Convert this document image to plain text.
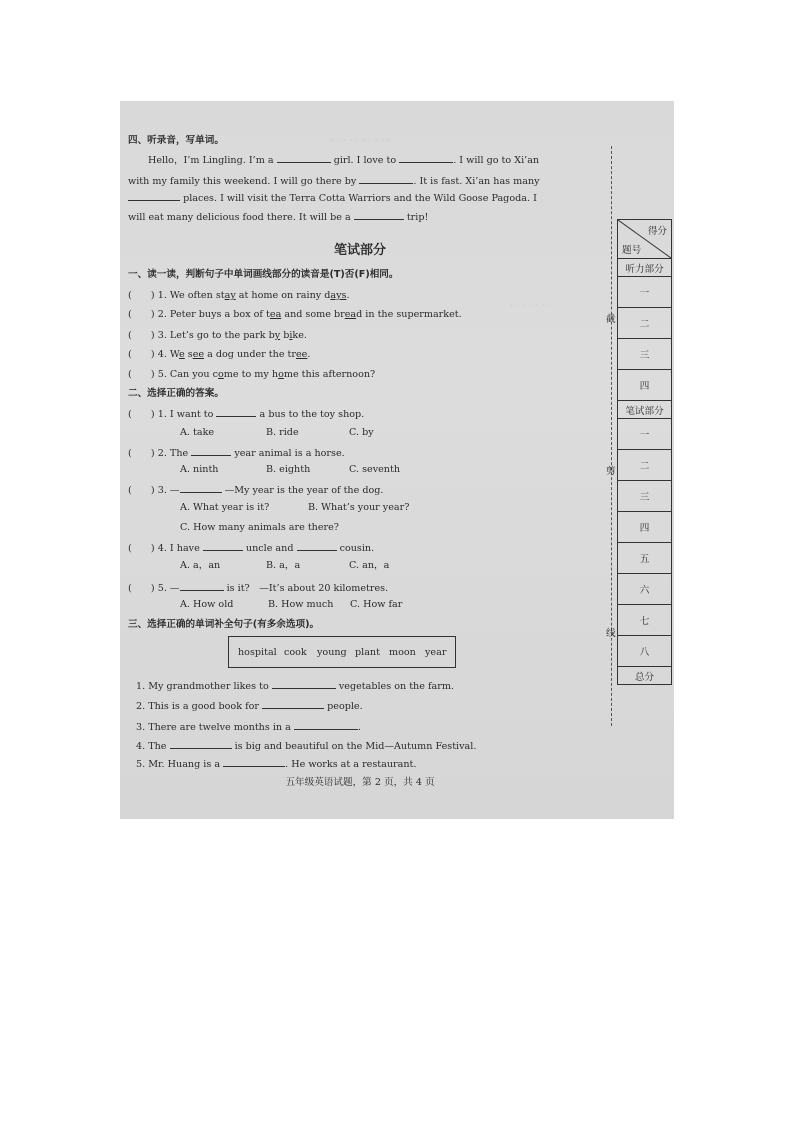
· · · · · · · · · ·
· · · · · · ·
四、听录音，写单词。
Hello，I’m Lingling. I’m a	girl. I love to	. I will go to Xi’an
with my family this weekend. I will go there by	. It is fast. Xi’an has many
places. I will visit the Terra Cotta Warriors and the Wild Goose Pagoda. I
will eat many delicious food there. It will be a	trip!
笔试部分
一、读一读，判断句子中单词画线部分的读音是(T)否(F)相同。
(　　) 1. We often stay at home on rainy days.
(　　) 2. Peter buys a box of tea and some bread in the supermarket.
(　　) 3. Let’s go to the park by bike.
(　　) 4. We see a dog under the tree.
(　　) 5. Can you come to my home this afternoon?
二、选择正确的答案。
(　　) 1. I want to	a bus to the toy shop.
A. take	B. ride	C. by
(　　) 2. The	year animal is a horse.
A. ninth	B. eighth	C. seventh
(　　) 3. —	—My year is the year of the dog.
A. What year is it?	B. What’s your year?
C. How many animals are there?
(　　) 4. I have	uncle and	cousin.
A. a，an	B. a，a	C. an，a
(　　) 5. —	is it?　—It’s about 20 kilometres.
A. How old	B. How much C. How far
三、选择正确的单词补全句子(有多余选项)。
hospital cook young plant moon year
1. My grandmother likes to	vegetables on the farm.
2. This is a good book for	people.
3. There are twelve months in a	.
4. The	is big and beautiful on the Mid—Autumn Festival.
5. Mr. Huang is a	. He works at a restaurant.
五年级英语试题，第 2 页，共 4 页
截
剪
线
得分
题号
听力部分
一
二
三
四
笔试部分
一
二
三
四
五
六
七
八
总分
